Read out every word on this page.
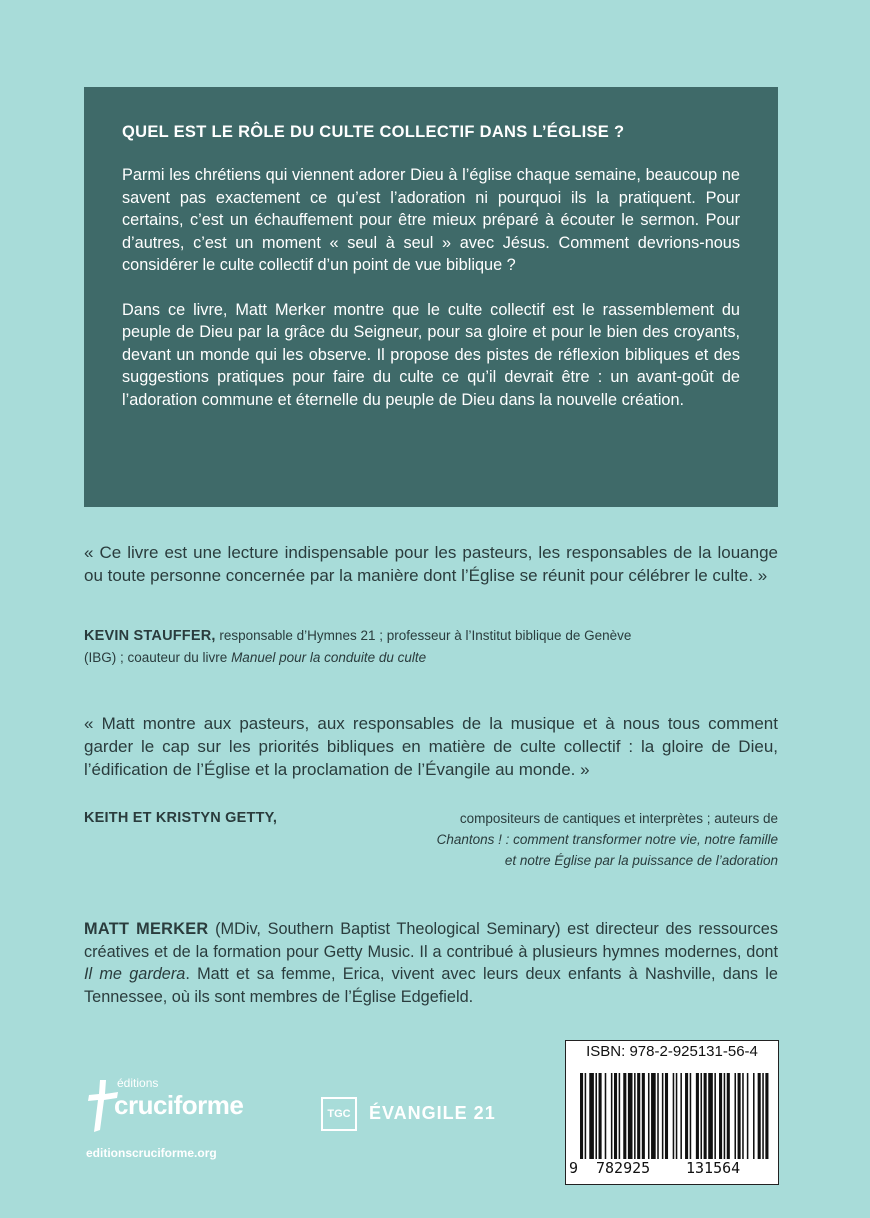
QUEL EST LE RÔLE DU CULTE COLLECTIF DANS L’ÉGLISE ?

Parmi les chrétiens qui viennent adorer Dieu à l’église chaque semaine, beaucoup ne savent pas exactement ce qu’est l’adoration ni pourquoi ils la pratiquent. Pour certains, c’est un échauffement pour être mieux préparé à écouter le sermon. Pour d’autres, c’est un moment « seul à seul » avec Jésus. Comment devrions-nous considérer le culte collectif d’un point de vue biblique ?

Dans ce livre, Matt Merker montre que le culte collectif est le rassemblement du peuple de Dieu par la grâce du Seigneur, pour sa gloire et pour le bien des croyants, devant un monde qui les observe. Il propose des pistes de réflexion bibliques et des suggestions pratiques pour faire du culte ce qu’il devrait être : un avant-goût de l’adoration commune et éternelle du peuple de Dieu dans la nouvelle création.

« Ce livre est une lecture indispensable pour les pasteurs, les responsables de la louange ou toute personne concernée par la manière dont l’Église se réunit pour célébrer le culte. »

KEVIN STAUFFER, responsable d’Hymnes 21 ; professeur à l’Institut biblique de Genève
(IBG) ; coauteur du livre Manuel pour la conduite du culte

« Matt montre aux pasteurs, aux responsables de la musique et à nous tous comment garder le cap sur les priorités bibliques en matière de culte collectif : la gloire de Dieu, l’édification de l’Église et la proclamation de l’Évangile au monde. »

KEITH ET KRISTYN GETTY,	compositeurs de cantiques et interprètes ; auteurs de
Chantons ! : comment transformer notre vie, notre famille
et notre Église par la puissance de l’adoration

MATT MERKER (MDiv, Southern Baptist Theological Seminary) est directeur des ressources créatives et de la formation pour Getty Music. Il a contribué à plusieurs hymnes modernes, dont Il me gardera. Matt et sa femme, Erica, vivent avec leurs deux enfants à Nashville, dans le Tennessee, où ils sont membres de l’Église Edgefield.

éditions
cruciforme
editionscruciforme.org
TGC	ÉVANGILE 21
ISBN: 978-2-925131-56-4
9 782925 131564
